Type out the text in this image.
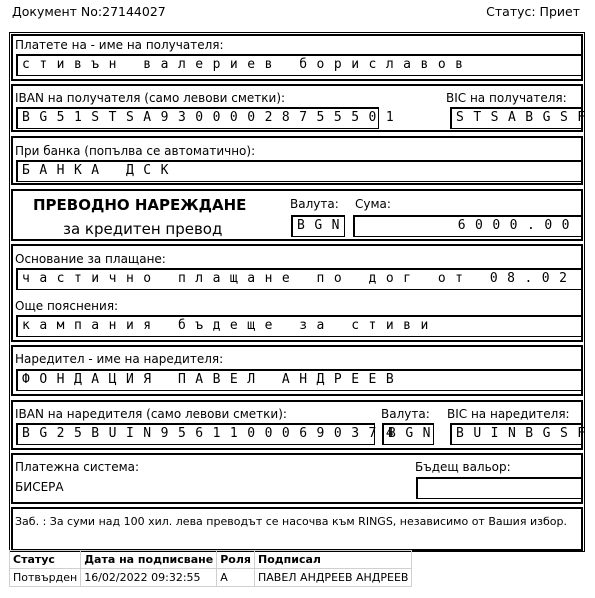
Документ No:27144027	Статус: Приет
Платете на - име на получателя:
стивън валериев бориславов
IBAN на получателя (само левови сметки):
BG51STSA93000028755501
BIC на получателя:
STSABGSF
При банка (попълва се автоматично):
БАНКА ДСК
ПРЕВОДНО НАРЕЖДАНЕ
за кредитен превод
Валута:
BGN
Сума:
6000.00
Основание за плащане:
частично плащане по дог от 08.02
Още пояснения:
кампания бъдеще за стиви
Наредител - име на наредителя:
ФОНДАЦИЯ ПАВЕЛ АНДРЕЕВ
IBAN на наредителя (само левови сметки):
BG25BUIN95611000690374
Валута:
BGN
BIC на наредителя:
BUINBGSF
Платежна система:
БИСЕРА
Бъдещ вальор:
Заб. : За суми над 100 хил. лева преводът се насочва към RINGS, независимо от Вашия избор.
Статус	Дата на подписване	Роля	Подписал
Потвърден	16/02/2022 09:32:55	A	ПАВЕЛ АНДРЕЕВ АНДРЕЕВ
